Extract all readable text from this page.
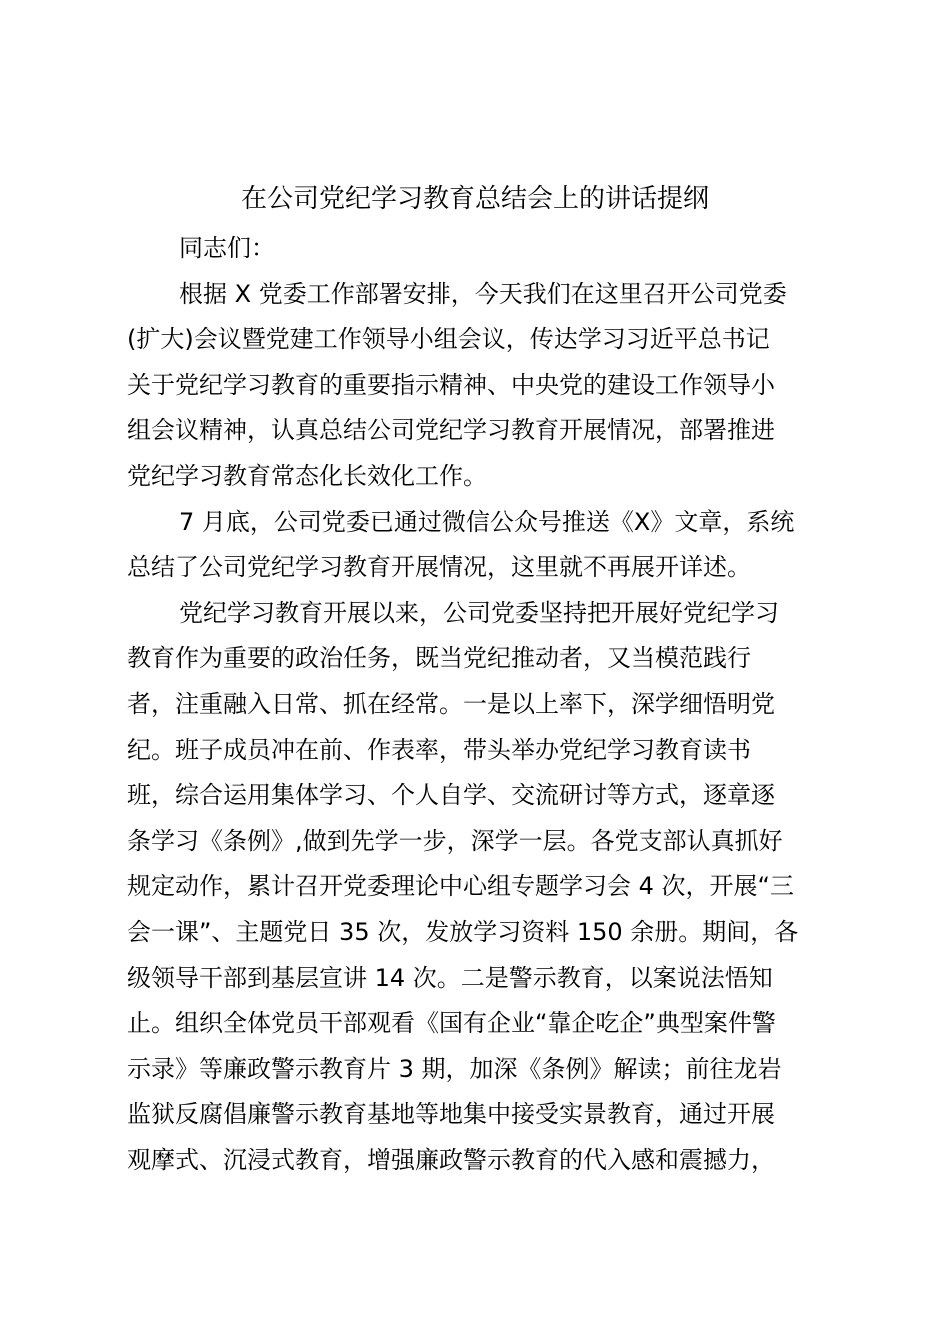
在公司党纪学习教育总结会上的讲话提纲
同志们：
根据 X 党委工作部署安排，今天我们在这里召开公司党委
(扩大)会议暨党建工作领导小组会议，传达学习习近平总书记
关于党纪学习教育的重要指示精神、中央党的建设工作领导小
组会议精神，认真总结公司党纪学习教育开展情况，部署推进
党纪学习教育常态化长效化工作。
7 月底，公司党委已通过微信公众号推送《X》文章，系统
总结了公司党纪学习教育开展情况，这里就不再展开详述。
党纪学习教育开展以来，公司党委坚持把开展好党纪学习
教育作为重要的政治任务，既当党纪推动者，又当模范践行
者，注重融入日常、抓在经常。一是以上率下，深学细悟明党
纪。班子成员冲在前、作表率，带头举办党纪学习教育读书
班，综合运用集体学习、个人自学、交流研讨等方式，逐章逐
条学习《条例》,做到先学一步，深学一层。各党支部认真抓好
规定动作，累计召开党委理论中心组专题学习会 4 次，开展“三
会一课”、主题党日 35 次，发放学习资料 150 余册。期间，各
级领导干部到基层宣讲 14 次。二是警示教育，以案说法悟知
止。组织全体党员干部观看《国有企业“靠企吃企”典型案件警
示录》等廉政警示教育片 3 期，加深《条例》解读；前往龙岩
监狱反腐倡廉警示教育基地等地集中接受实景教育，通过开展
观摩式、沉浸式教育，增强廉政警示教育的代入感和震撼力，
